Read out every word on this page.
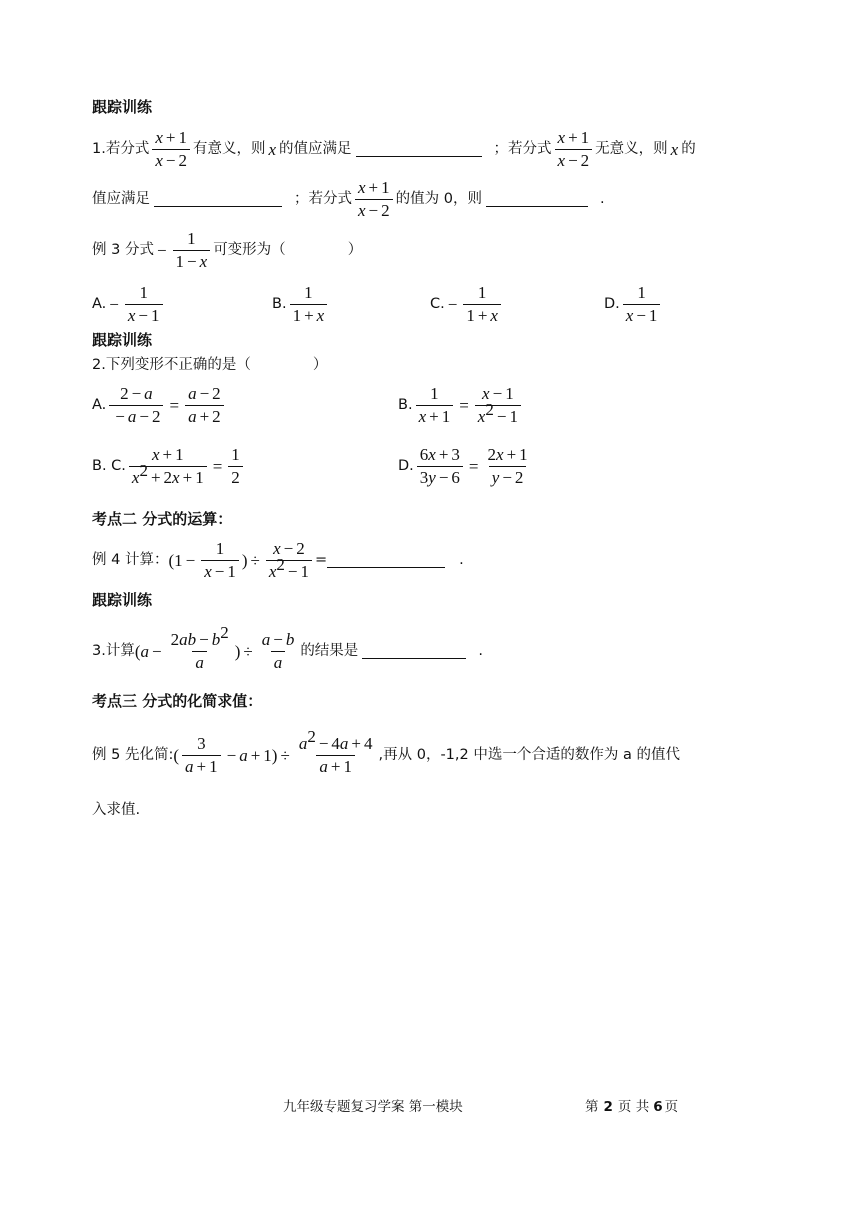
跟踪训练
1. 若分式 $\frac{x + 1}{x - 2}$ 有意义，则 x 的值应满足	；若分式 $\frac{x + 1}{x - 2}$ 无意义，则 x 的
值应满足	；若分式 $\frac{x + 1}{x - 2}$ 的值为 0，则	.
例 3 分式 − $\frac{1}{1 - x}$ 可变形为（	）
A. − $\frac{1}{x - 1}$	B. $\frac{1}{1 + x}$	C. − $\frac{1}{1 + x}$	D. $\frac{1}{x - 1}$
跟踪训练
2.下列变形不正确的是（	）
A. $\frac{2 - a}{- a - 2} = \frac{a - 2}{a + 2}$	B. $\frac{1}{x + 1} = \frac{x - 1}{x^2 - 1}$
B. C. $\frac{x + 1}{x^2 + 2x + 1} = \frac{1}{2}$	D. $\frac{6x + 3}{3y - 6} = \frac{2x + 1}{y - 2}$
考点二 分式的运算：
例 4 计算： ($1 - \frac{1}{x - 1}$ ) ÷ $\frac{x - 2}{x^2 - 1}$ =	.
跟踪训练
3.计算 ( $a - \frac{2ab - b^2}{a}$ ) ÷ $\frac{a - b}{a}$ 的结果是	.
考点三 分式的化简求值：
例 5 先化简: ( $\frac{3}{a + 1} - a + 1) \div \frac{a^2 - 4a + 4}{a + 1}$ ,再从 0，-1,2 中选一个合适的数作为 a 的值代
入求值.
九年级专题复习学案 第一模块	第 2 页 共 6 页
